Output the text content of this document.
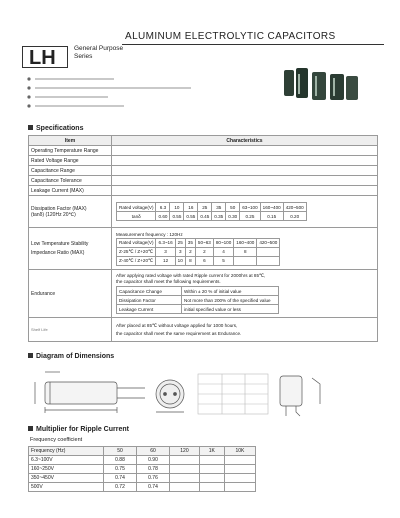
ALUMINUM ELECTROLYTIC CAPACITORS
LH	General Purpose
Series
Specifications
Item	Characteristics
Operating Temperature Range	
Rated Voltage Range	
Capacitance Range	
Capacitance Tolerance	
Leakage Current (MAX)	

Dissipation Factor (MAX)
(tanδ) (120Hz 20℃)

Rated voltage(V)	6.3	10	16	25	35	50	63~100	160~400	420~500
tanδ	0.60	0.55	0.55	0.45	0.35	0.30	0.25	0.15	0.20

Low Temperature Stability
Impedance Ratio (MAX)

Measurement frequency : 120Hz
Rated voltage(V)	6.3~16	25	35	50~63	80~100	160~400	420~500
Z-25℃ / Z+20℃	3	3	2	2	4	8	
Z-40℃ / Z+20℃	12	10	8	6	5		

Endurance	
After applying rated voltage with rated Ripple current for 2000hrs at 85℃,
the capacitor shall meet the following requirements.
Capacitance Change	Within ± 20 % of initial value
Dissipation Factor	Not more than 200% of the specified value
Leakage Current	initial specified value or less

Shelf Life	
After placed at 85℃ without voltage applied for 1000 hours,
the capacitor shall meet the same requirement as Endurance.
Diagram of Dimensions
Multiplier for Ripple Current
Frequency coefficient
Frequency (Hz)	50	60	120	1K	10K
6.3~100V	0.88	0.90			
160~250V	0.75	0.78			
350~450V	0.74	0.76			
500V	0.72	0.74			
